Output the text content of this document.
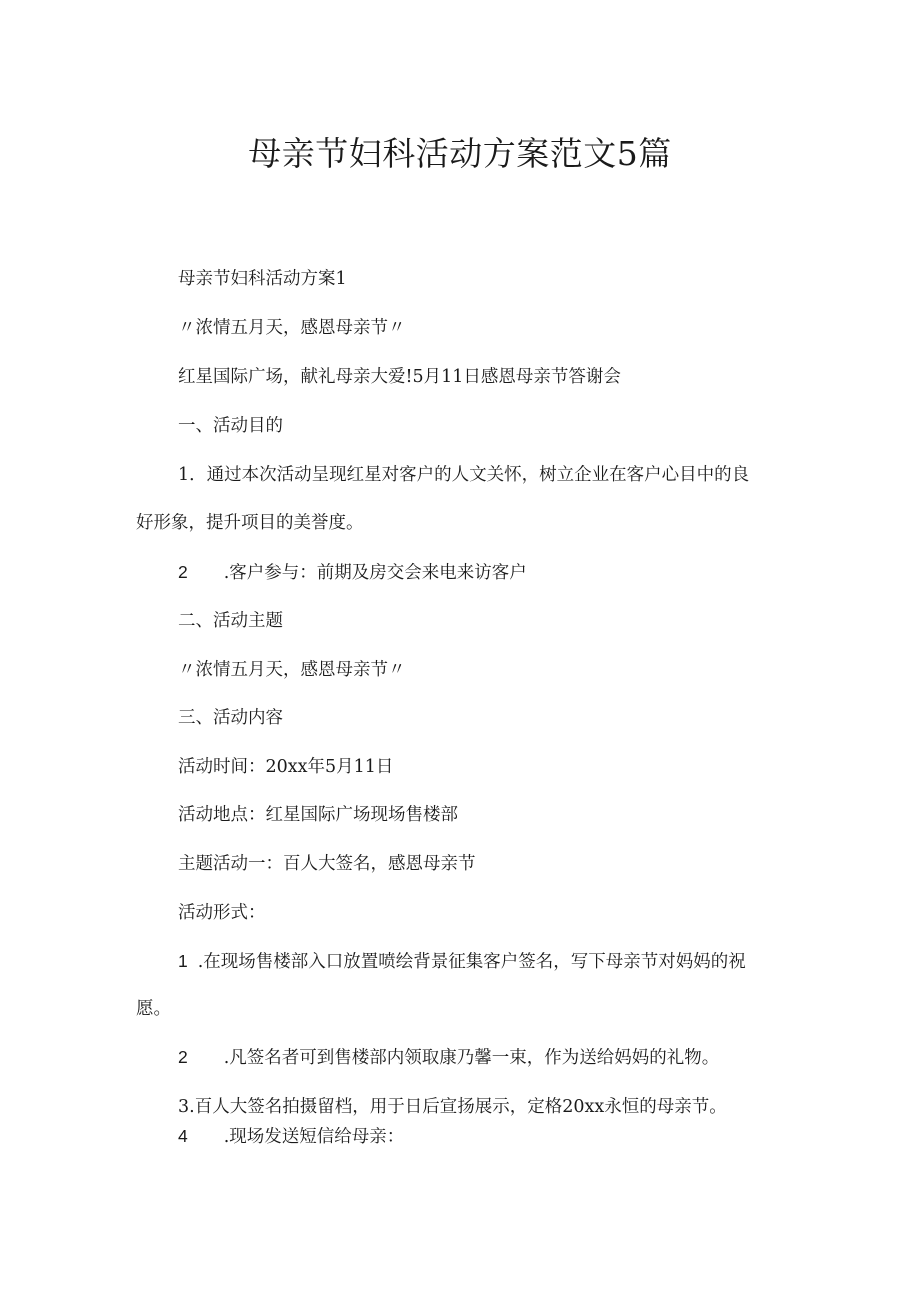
母亲节妇科活动方案范文5篇
母亲节妇科活动方案1
〃浓情五月天，感恩母亲节〃
红星国际广场，献礼母亲大爱!5月11日感恩母亲节答谢会
一、活动目的
1．通过本次活动呈现红星对客户的人文关怀，树立企业在客户心目中的良
好形象，提升项目的美誉度。
2 .客户参与：前期及房交会来电来访客户
二、活动主题
〃浓情五月天，感恩母亲节〃
三、活动内容
活动时间：20xx年5月11日
活动地点：红星国际广场现场售楼部
主题活动一：百人大签名，感恩母亲节
活动形式：
1 .在现场售楼部入口放置喷绘背景征集客户签名，写下母亲节对妈妈的祝
愿。
2 .凡签名者可到售楼部内领取康乃馨一束，作为送给妈妈的礼物。
3.百人大签名拍摄留档，用于日后宣扬展示，定格20xx永恒的母亲节。
4 .现场发送短信给母亲：
